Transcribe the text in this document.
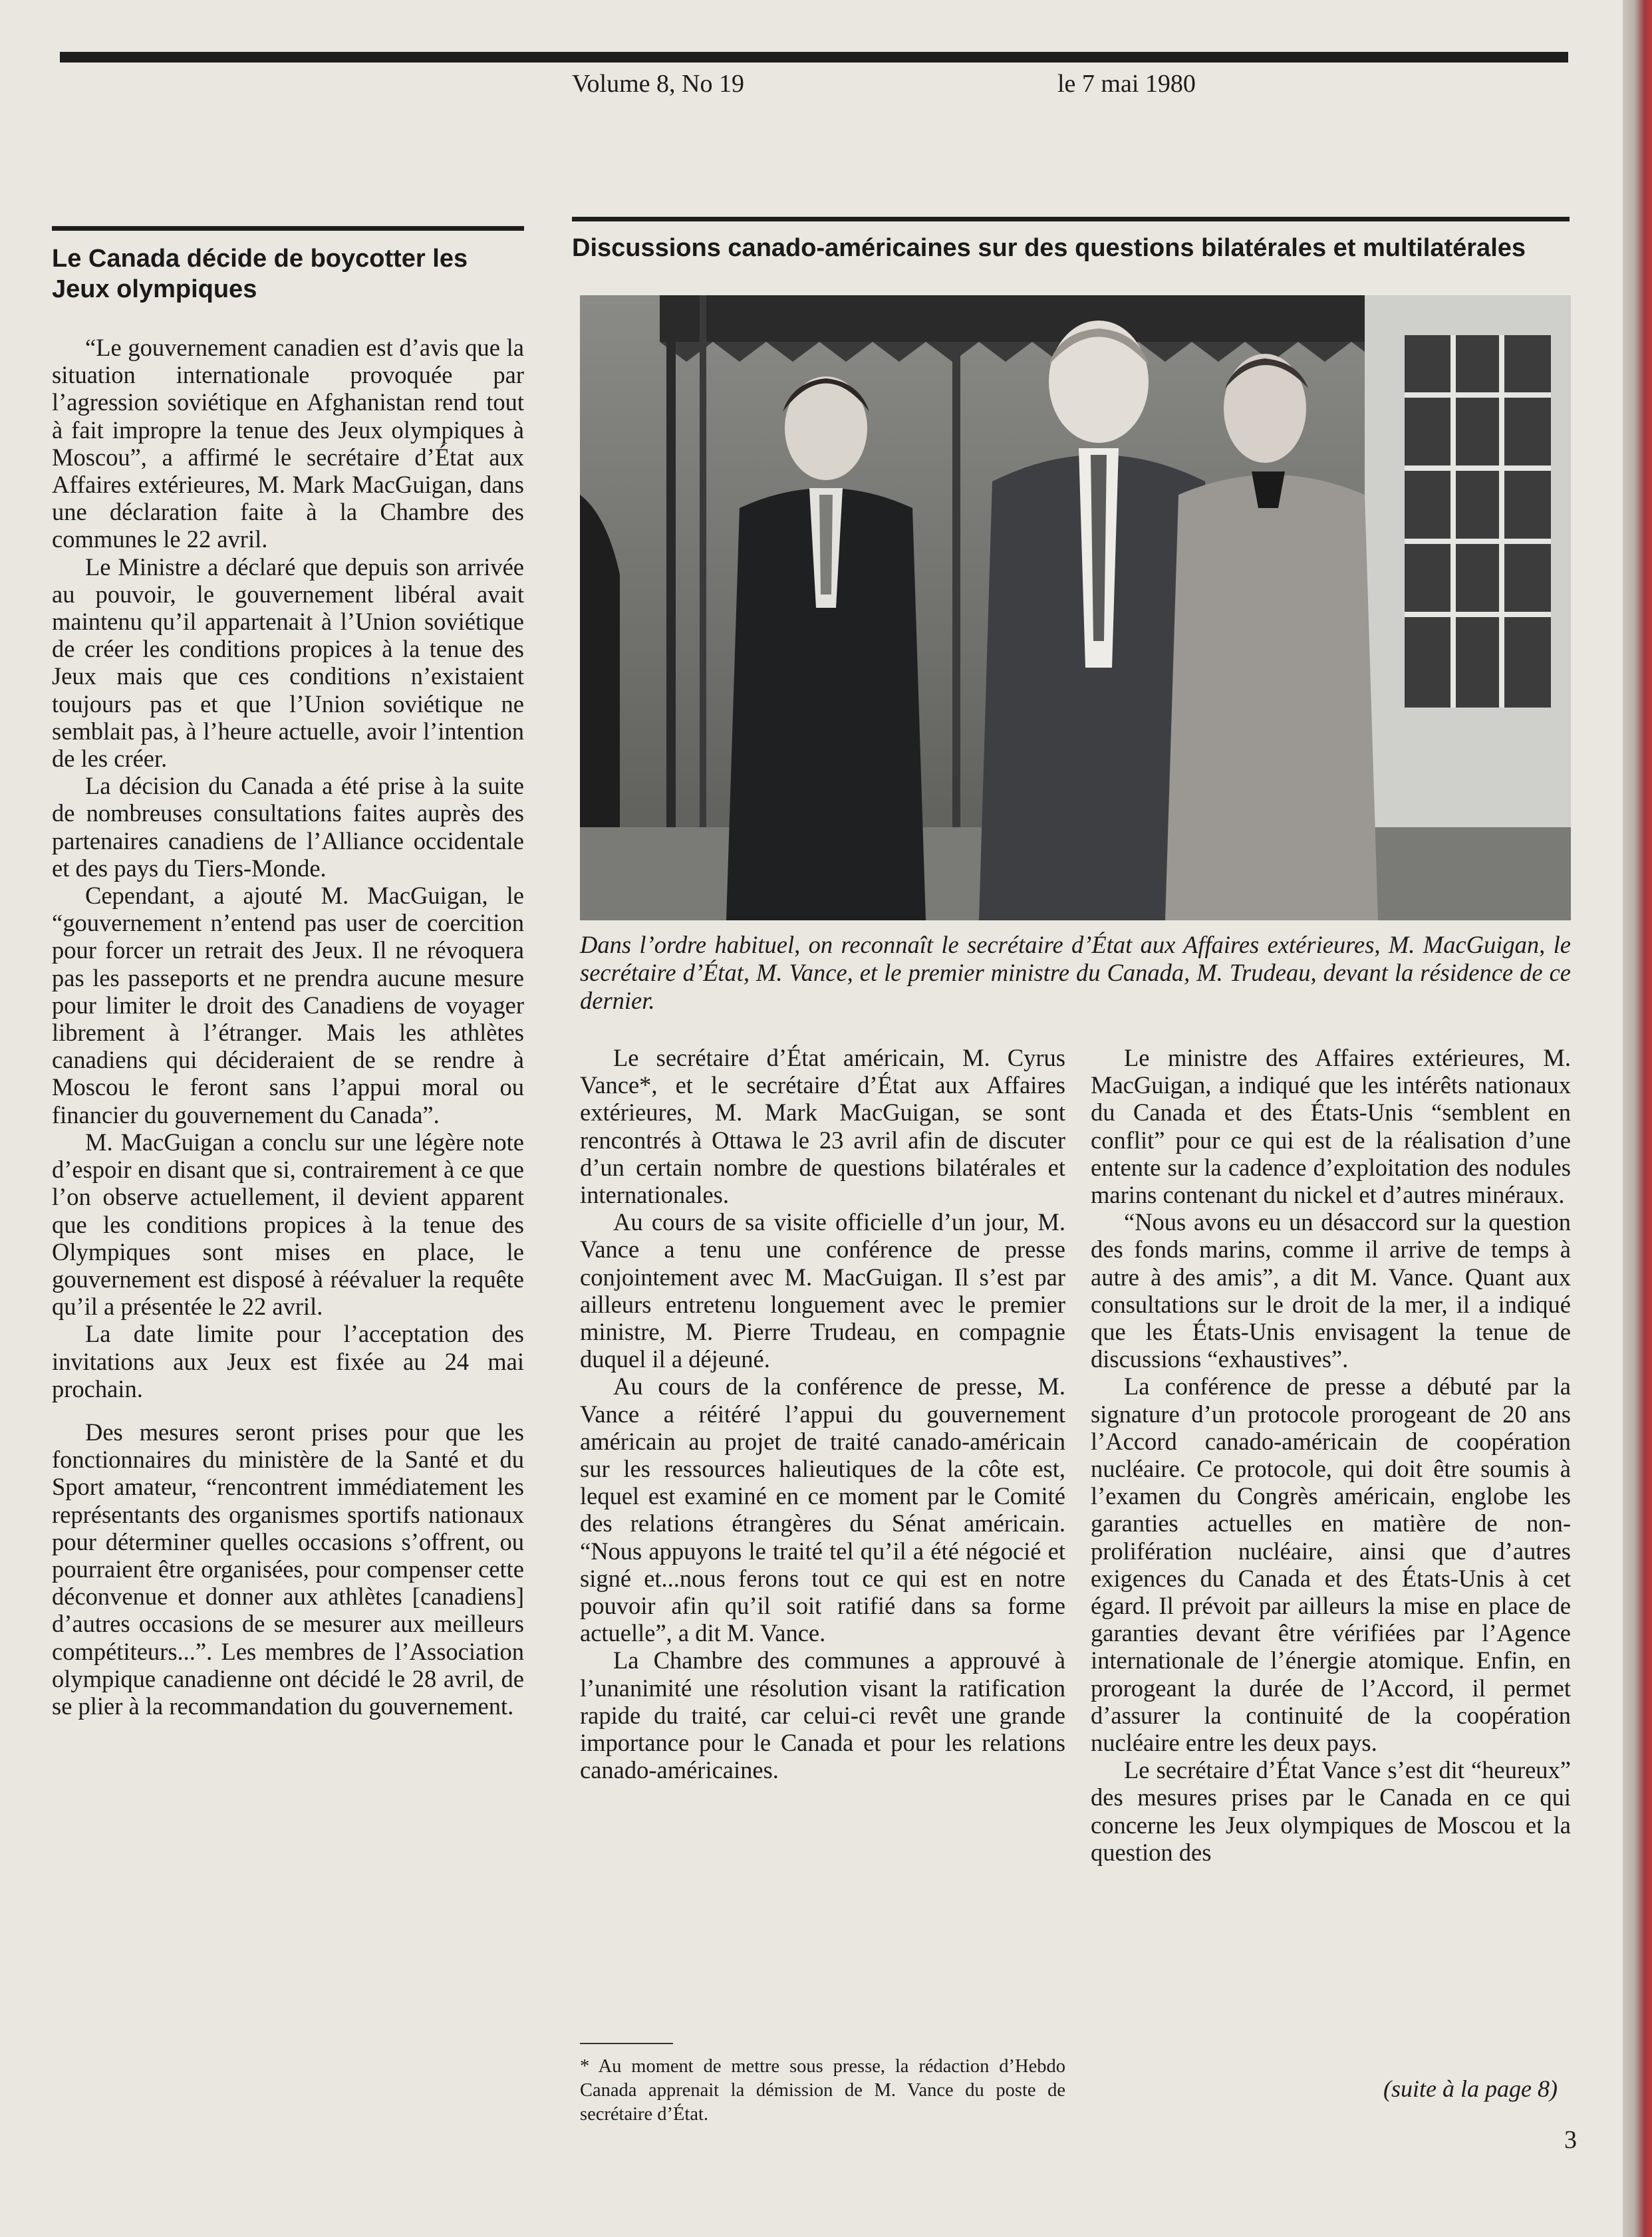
Volume 8, No 19	le 7 mai 1980
Le Canada décide de boycotter les Jeux olympiques

“Le gouvernement canadien est d’avis que la situation internationale provoquée par l’agression soviétique en Afghanistan rend tout à fait impropre la tenue des Jeux olympiques à Moscou”, a affirmé le secrétaire d’État aux Affaires extérieures, M. Mark MacGuigan, dans une déclaration faite à la Chambre des communes le 22 avril.

Le Ministre a déclaré que depuis son arrivée au pouvoir, le gouvernement libéral avait maintenu qu’il appartenait à l’Union soviétique de créer les conditions propices à la tenue des Jeux mais que ces conditions n’existaient toujours pas et que l’Union soviétique ne semblait pas, à l’heure actuelle, avoir l’intention de les créer.

La décision du Canada a été prise à la suite de nombreuses consultations faites auprès des partenaires canadiens de l’Alliance occidentale et des pays du Tiers-Monde.

Cependant, a ajouté M. MacGuigan, le “gouvernement n’entend pas user de coercition pour forcer un retrait des Jeux. Il ne révoquera pas les passeports et ne prendra aucune mesure pour limiter le droit des Canadiens de voyager librement à l’étranger. Mais les athlètes canadiens qui décideraient de se rendre à Moscou le feront sans l’appui moral ou financier du gouvernement du Canada”.

M. MacGuigan a conclu sur une légère note d’espoir en disant que si, contrairement à ce que l’on observe actuellement, il devient apparent que les conditions propices à la tenue des Olympiques sont mises en place, le gouvernement est disposé à réévaluer la requête qu’il a présentée le 22 avril.

La date limite pour l’acceptation des invitations aux Jeux est fixée au 24 mai prochain.

Des mesures seront prises pour que les fonctionnaires du ministère de la Santé et du Sport amateur, “rencontrent immédiatement les représentants des organismes sportifs nationaux pour déterminer quelles occasions s’offrent, ou pourraient être organisées, pour compenser cette déconvenue et donner aux athlètes [canadiens] d’autres occasions de se mesurer aux meilleurs compétiteurs...”. Les membres de l’Association olympique canadienne ont décidé le 28 avril, de se plier à la recommandation du gouvernement.

Discussions canado-américaines sur des questions bilatérales et multilatérales
Dans l’ordre habituel, on reconnaît le secrétaire d’État aux Affaires extérieures, M. MacGuigan, le secrétaire d’État, M. Vance, et le premier ministre du Canada, M. Trudeau, devant la résidence de ce dernier.

Le secrétaire d’État américain, M. Cyrus Vance*, et le secrétaire d’État aux Affaires extérieures, M. Mark MacGuigan, se sont rencontrés à Ottawa le 23 avril afin de discuter d’un certain nombre de questions bilatérales et internationales.

Au cours de sa visite officielle d’un jour, M. Vance a tenu une conférence de presse conjointement avec M. MacGuigan. Il s’est par ailleurs entretenu longuement avec le premier ministre, M. Pierre Trudeau, en compagnie duquel il a déjeuné.

Au cours de la conférence de presse, M. Vance a réitéré l’appui du gouvernement américain au projet de traité canado-américain sur les ressources halieutiques de la côte est, lequel est examiné en ce moment par le Comité des relations étrangères du Sénat américain. “Nous appuyons le traité tel qu’il a été négocié et signé et...nous ferons tout ce qui est en notre pouvoir afin qu’il soit ratifié dans sa forme actuelle”, a dit M. Vance.

La Chambre des communes a approuvé à l’unanimité une résolution visant la ratification rapide du traité, car celui-ci revêt une grande importance pour le Canada et pour les relations canado-américaines.

Le ministre des Affaires extérieures, M. MacGuigan, a indiqué que les intérêts nationaux du Canada et des États-Unis “semblent en conflit” pour ce qui est de la réalisation d’une entente sur la cadence d’exploitation des nodules marins contenant du nickel et d’autres minéraux.

“Nous avons eu un désaccord sur la question des fonds marins, comme il arrive de temps à autre à des amis”, a dit M. Vance. Quant aux consultations sur le droit de la mer, il a indiqué que les États-Unis envisagent la tenue de discussions “exhaustives”.

La conférence de presse a débuté par la signature d’un protocole prorogeant de 20 ans l’Accord canado-américain de coopération nucléaire. Ce protocole, qui doit être soumis à l’examen du Congrès américain, englobe les garanties actuelles en matière de non-prolifération nucléaire, ainsi que d’autres exigences du Canada et des États-Unis à cet égard. Il prévoit par ailleurs la mise en place de garanties devant être vérifiées par l’Agence internationale de l’énergie atomique. Enfin, en prorogeant la durée de l’Accord, il permet d’assurer la continuité de la coopération nucléaire entre les deux pays.

Le secrétaire d’État Vance s’est dit “heureux” des mesures prises par le Canada en ce qui concerne les Jeux olympiques de Moscou et la question des

* Au moment de mettre sous presse, la rédaction d’Hebdo Canada apprenait la démission de M. Vance du poste de secrétaire d’État.
(suite à la page 8)
3
